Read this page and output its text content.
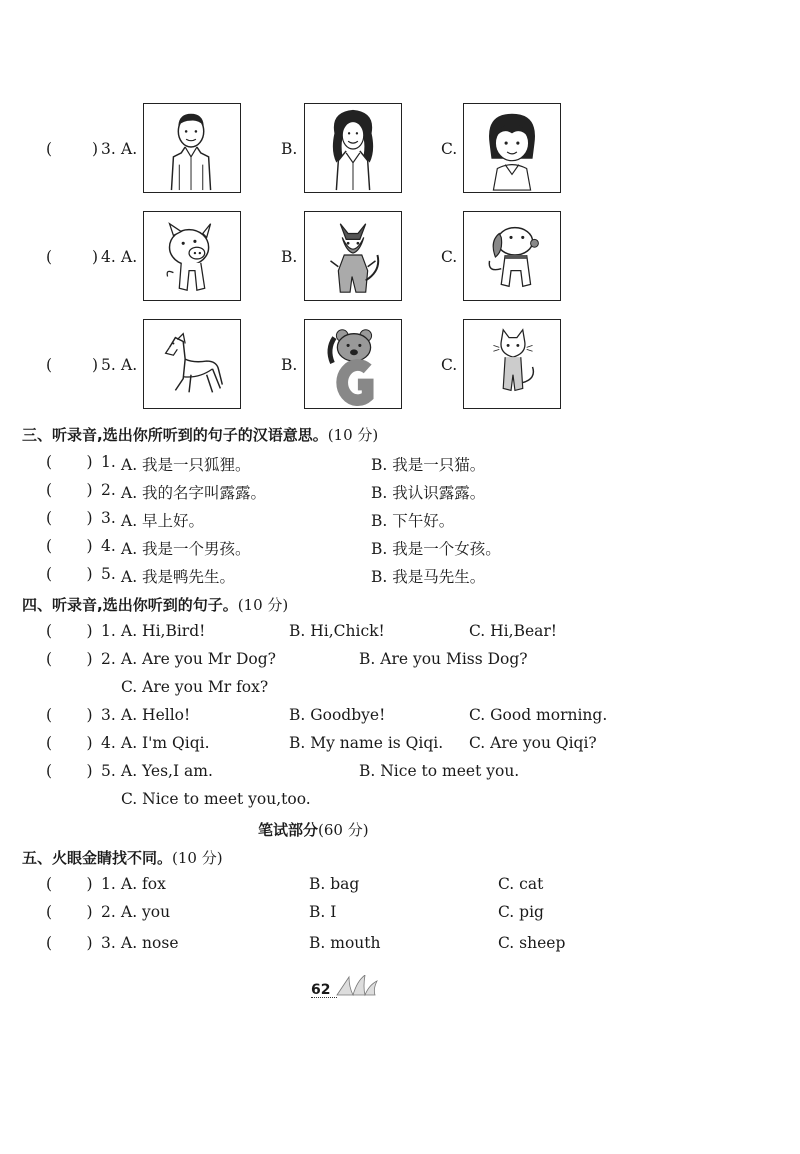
(	) 3. A.	B.	C.
(	) 4. A.	B.	C.
(	) 5. A.	B.	C.
三、听录音,选出你所听到的句子的汉语意思。(10 分)
(       ) 1. A. 我是一只狐狸。	B. 我是一只猫。
(       ) 2. A. 我的名字叫露露。	B. 我认识露露。
(       ) 3. A. 早上好。	B. 下午好。
(       ) 4. A. 我是一个男孩。	B. 我是一个女孩。
(       ) 5. A. 我是鸭先生。	B. 我是马先生。
四、听录音,选出你听到的句子。(10 分)
(       ) 1. A. Hi,Bird!	B. Hi,Chick!	C. Hi,Bear!
(       ) 2. A. Are you Mr Dog?	B. Are you Miss Dog?
C. Are you Mr fox?
(       ) 3. A. Hello!	B. Goodbye!	C. Good morning.
(       ) 4. A. I'm Qiqi.	B. My name is Qiqi. C. Are you Qiqi?
(       ) 5. A. Yes,I am.	B. Nice to meet you.
C. Nice to meet you,too.
笔试部分(60 分)
五、火眼金睛找不同。(10 分)
(       ) 1. A. fox	B. bag	C. cat
(       ) 2. A. you	B. I	C. pig
(       ) 3. A. nose	B. mouth	C. sheep
62
